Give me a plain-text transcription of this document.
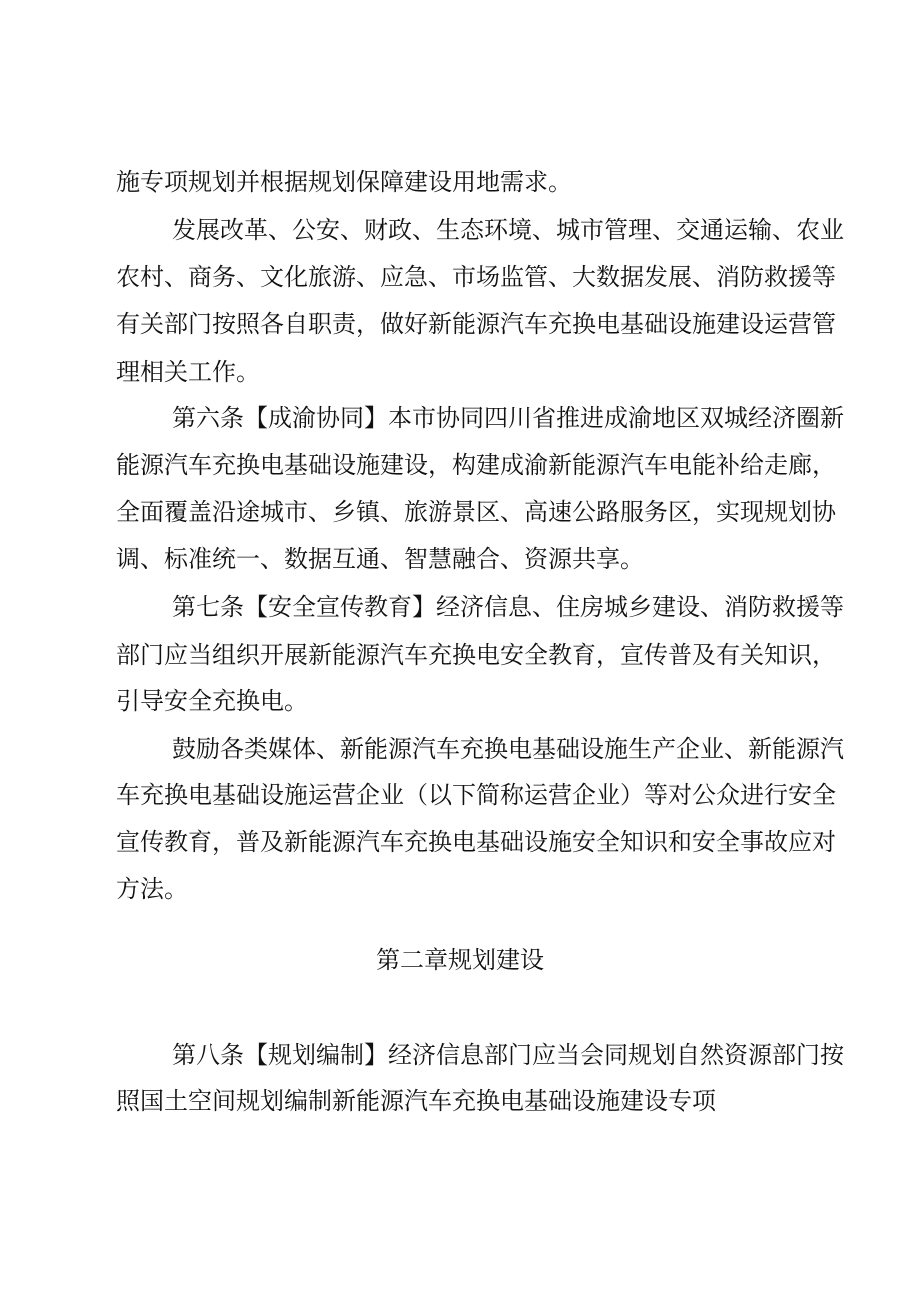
施专项规划并根据规划保障建设用地需求。
发展改革、公安、财政、生态环境、城市管理、交通运输、农业
农村、商务、文化旅游、应急、市场监管、大数据发展、消防救援等
有关部门按照各自职责，做好新能源汽车充换电基础设施建设运营管
理相关工作。
第六条【成渝协同】本市协同四川省推进成渝地区双城经济圈新
能源汽车充换电基础设施建设，构建成渝新能源汽车电能补给走廊，
全面覆盖沿途城市、乡镇、旅游景区、高速公路服务区，实现规划协
调、标准统一、数据互通、智慧融合、资源共享。
第七条【安全宣传教育】经济信息、住房城乡建设、消防救援等
部门应当组织开展新能源汽车充换电安全教育，宣传普及有关知识，
引导安全充换电。
鼓励各类媒体、新能源汽车充换电基础设施生产企业、新能源汽
车充换电基础设施运营企业（以下简称运营企业）等对公众进行安全
宣传教育，普及新能源汽车充换电基础设施安全知识和安全事故应对
方法。
第二章规划建设
第八条【规划编制】经济信息部门应当会同规划自然资源部门按
照国土空间规划编制新能源汽车充换电基础设施建设专项
